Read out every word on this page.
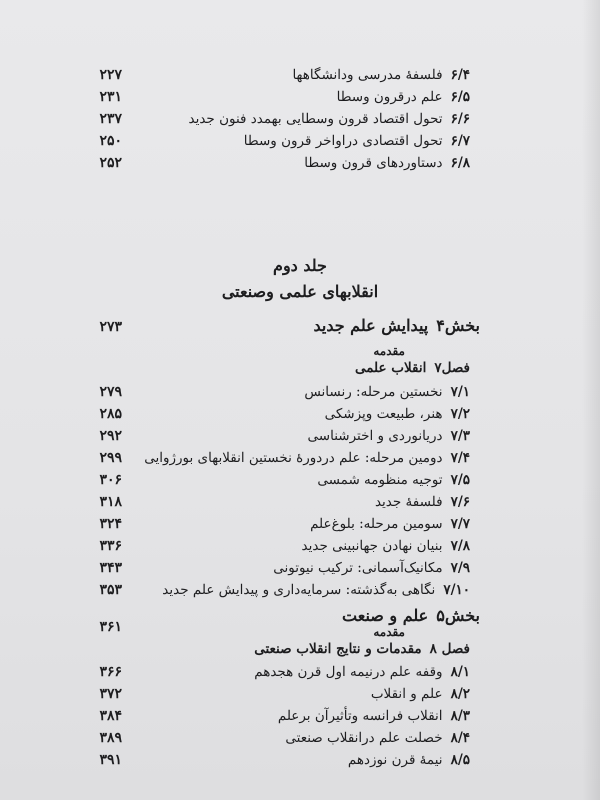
۲۲۷	۶/۴فلسفۀ مدرسی ودانشگاهها
۲۳۱	۶/۵علم درقرون وسطا
۲۳۷	۶/۶تحول اقتصاد قرون وسطایی بهمدد فنون جدید
۲۵۰	۶/۷تحول اقتصادی دراواخر قرون وسطا
۲۵۲	۶/۸دستاوردهای قرون وسطا
جلد دوم
انقلابهای علمی وصنعتی
۲۷۳	بخش۴پیدایش علم جدید
مقدمه
فصل۷انقلاب علمی
۲۷۹	۷/۱نخستین مرحله: رنسانس
۲۸۵	۷/۲هنر، طبیعت وپزشکی
۲۹۲	۷/۳دریانوردی و اخترشناسی
۲۹۹	۷/۴دومین مرحله: علم دردورۀ نخستین انقلابهای بورژوایی
۳۰۶	۷/۵توجیه منظومه شمسی
۳۱۸	۷/۶فلسفۀ جدید
۳۲۴	۷/۷سومین مرحله: بلوغ‌علم
۳۳۶	۷/۸بنیان نهادن جهانبینی جدید
۳۴۳	۷/۹مکانیک‌آسمانی: ترکیب نیوتونی
۳۵۳	۷/۱۰نگاهی به‌گذشته: سرمایه‌داری و پیدایش علم جدید
بخش۵علم و صنعت
۳۶۱	مقدمه
فصل ۸مقدمات و نتایج انقلاب صنعتی
۳۶۶	۸/۱وقفه علم درنیمه اول قرن هجدهم
۳۷۲	۸/۲علم و انقلاب
۳۸۴	۸/۳انقلاب فرانسه وتأثیرآن برعلم
۳۸۹	۸/۴خصلت علم درانقلاب صنعتی
۳۹۱	۸/۵نیمۀ قرن نوزدهم
